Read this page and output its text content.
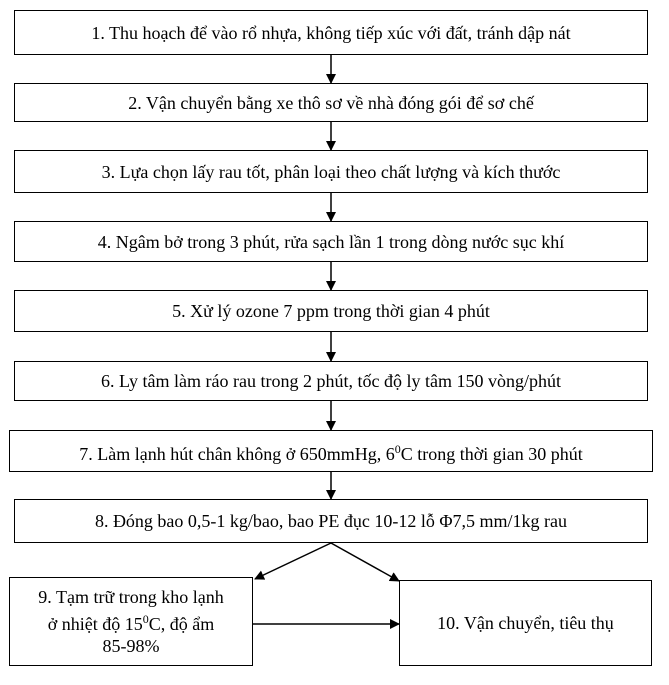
1. Thu hoạch để vào rổ nhựa, không tiếp xúc với đất, tránh dập nát
2. Vận chuyển bằng xe thô sơ về nhà đóng gói để sơ chế
3. Lựa chọn lấy rau tốt, phân loại theo chất lượng và kích thước
4. Ngâm bở trong 3 phút, rửa sạch lần 1 trong dòng nước sục khí
5. Xử lý ozone 7 ppm trong thời gian 4 phút
6. Ly tâm làm ráo rau trong 2 phút, tốc độ ly tâm 150 vòng/phút
7. Làm lạnh hút chân không ở 650mmHg, $6^0C$ trong thời gian 30 phút
8. Đóng bao 0,5-1 kg/bao, bao PE đục 10-12 lỗ Φ7,5 mm/1kg rau
9. Tạm trữ trong kho lạnh
ở nhiệt độ $15^0C$, độ ẩm
85-98%
10. Vận chuyển, tiêu thụ
